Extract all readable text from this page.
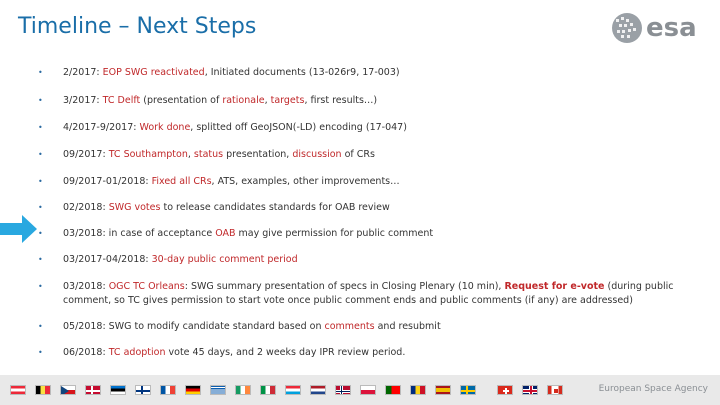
Timeline – Next Steps	esa
• 2/2017: EOP SWG reactivated, Initiated documents (13-026r9, 17-003)
• 3/2017: TC Delft (presentation of rationale, targets, first results…)
• 4/2017-9/2017: Work done, splitted off GeoJSON(-LD) encoding (17-047)
• 09/2017: TC Southampton, status presentation, discussion of CRs
• 09/2017-01/2018: Fixed all CRs, ATS, examples, other improvements…
• 02/2018: SWG votes to release candidates standards for OAB review
• 03/2018: in case of acceptance OAB may give permission for public comment
• 03/2017-04/2018: 30-day public comment period
• 03/2018: OGC TC Orleans: SWG summary presentation of specs in Closing Plenary (10 min), Request for e-vote (during public comment, so TC gives permission to start vote once public comment ends and public comments (if any) are addressed)
• 05/2018: SWG to modify candidate standard based on comments and resubmit
• 06/2018: TC adoption vote 45 days, and 2 weeks day IPR review period.
European Space Agency
